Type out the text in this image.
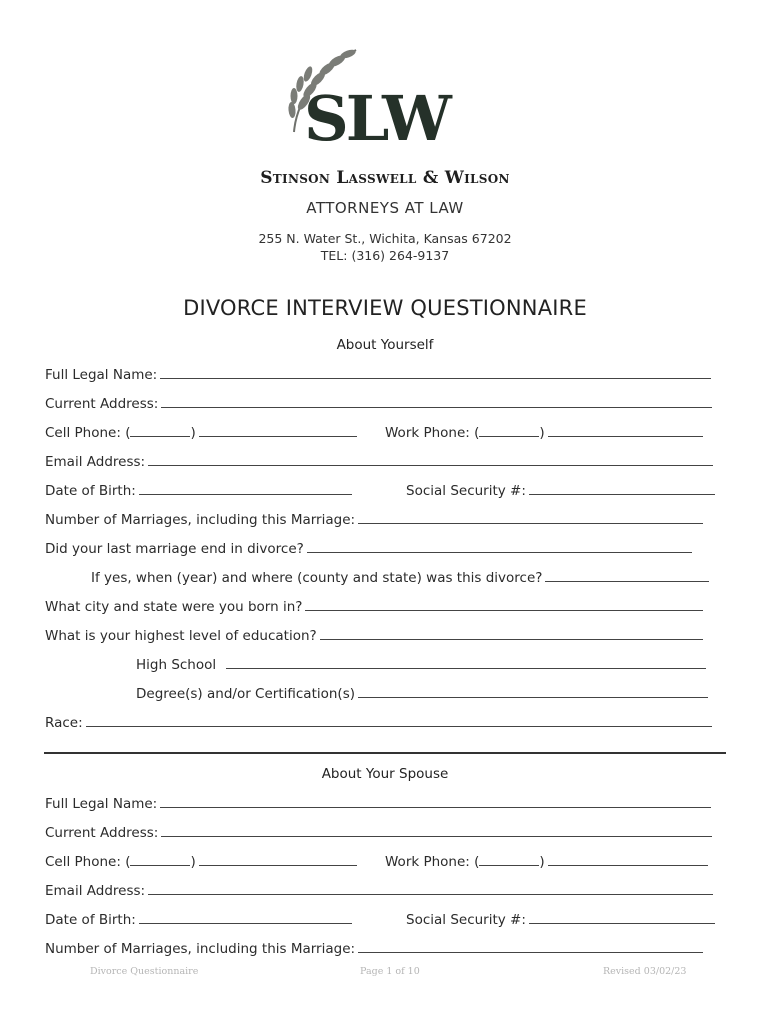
SLW
Stinson Lasswell & Wilson
ATTORNEYS AT LAW
255 N. Water St., Wichita, Kansas 67202
TEL: (316) 264-9137
DIVORCE INTERVIEW QUESTIONNAIRE
About Yourself
Full Legal Name:
Current Address:
Cell Phone: (	)	Work Phone: (	)
Email Address:
Date of Birth:	Social Security #:
Number of Marriages, including this Marriage:
Did your last marriage end in divorce?
If yes, when (year) and where (county and state) was this divorce?
What city and state were you born in?
What is your highest level of education?
High School
Degree(s) and/or Certification(s)
Race:
About Your Spouse
Full Legal Name:
Current Address:
Cell Phone: (	)	Work Phone: (	)
Email Address:
Date of Birth:	Social Security #:
Number of Marriages, including this Marriage:
Divorce Questionnaire	Page 1 of 10	Revised 03/02/23
